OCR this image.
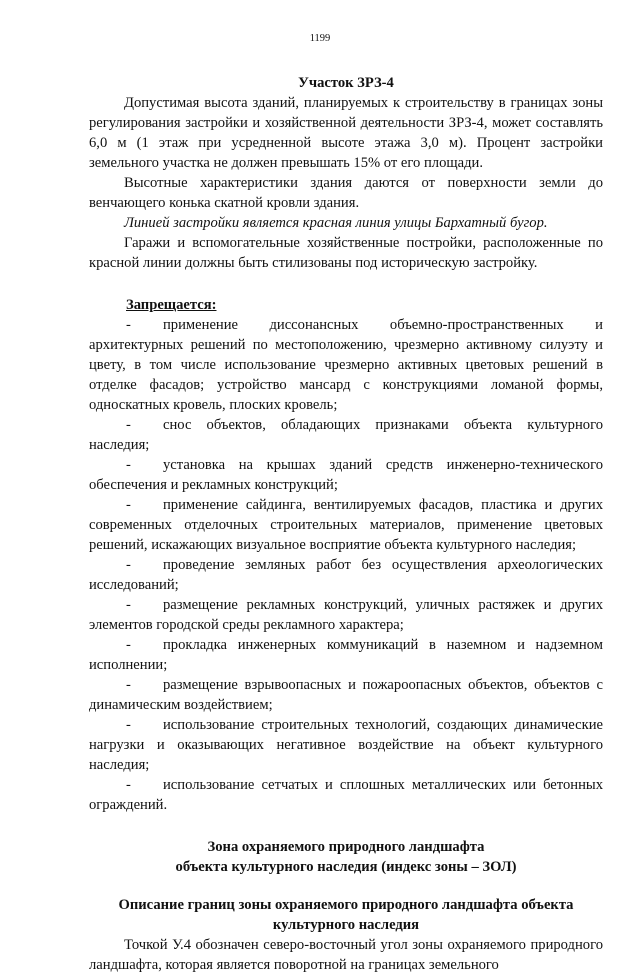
1199

Участок ЗРЗ-4

Допустимая высота зданий, планируемых к строительству в границах зоны регулирования застройки и хозяйственной деятельности ЗРЗ-4, может составлять 6,0 м (1 этаж при усредненной высоте этажа 3,0 м). Процент застройки земельного участка не должен превышать 15% от его площади.

Высотные характеристики здания даются от поверхности земли до венчающего конька скатной кровли здания.

Линией застройки является красная линия улицы Бархатный бугор.

Гаражи и вспомогательные хозяйственные постройки, расположенные по красной линии должны быть стилизованы под историческую застройку.

Запрещается:

- применение диссонансных объемно-пространственных и архитектурных решений по местоположению, чрезмерно активному силуэту и цвету, в том числе использование чрезмерно активных цветовых решений в отделке фасадов; устройство мансард с конструкциями ломаной формы, односкатных кровель, плоских кровель;

- снос объектов, обладающих признаками объекта культурного наследия;

- установка на крышах зданий средств инженерно-технического обеспечения и рекламных конструкций;

- применение сайдинга, вентилируемых фасадов, пластика и других современных отделочных строительных материалов, применение цветовых решений, искажающих визуальное восприятие объекта культурного наследия;

- проведение земляных работ без осуществления археологических исследований;

- размещение рекламных конструкций, уличных растяжек и других элементов городской среды рекламного характера;

- прокладка инженерных коммуникаций в наземном и надземном исполнении;

- размещение взрывоопасных и пожароопасных объектов, объектов с динамическим воздействием;

- использование строительных технологий, создающих динамические нагрузки и оказывающих негативное воздействие на объект культурного наследия;

- использование сетчатых и сплошных металлических или бетонных ограждений.

Зона охраняемого природного ландшафта

объекта культурного наследия (индекс зоны – ЗОЛ)

Описание границ зоны охраняемого природного ландшафта объекта культурного наследия

Точкой У.4 обозначен северо-восточный угол зоны охраняемого природного ландшафта, которая является поворотной на границах земельного
